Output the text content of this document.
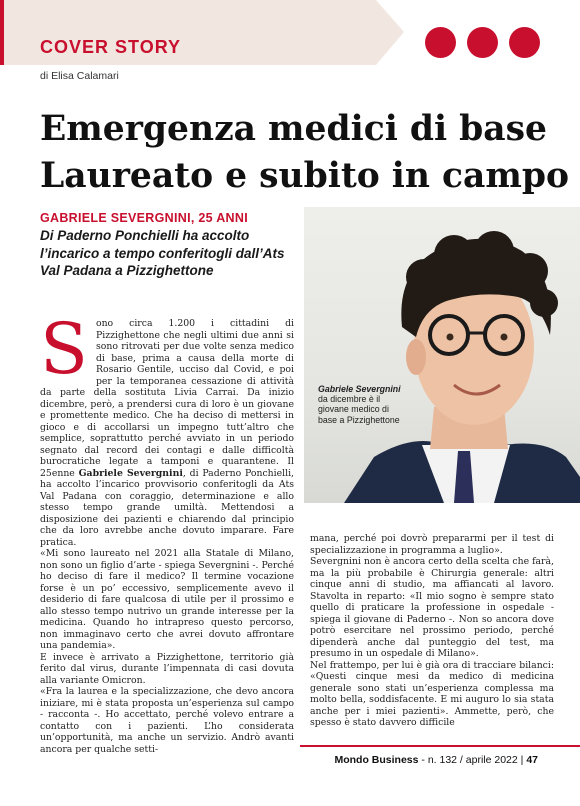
COVER STORY
di Elisa Calamari
Emergenza medici di base
Laureato e subito in campo
GABRIELE SEVERGNINI, 25 ANNI
Di Paderno Ponchielli ha accolto l’incarico a tempo conferitogli dall’Ats Val Padana a Pizzighettone
Gabriele Severgnini
da dicembre è il giovane medico di base a Pizzighettone

Sono circa 1.200 i cittadini di Pizzighettone che negli ultimi due anni si sono ritrovati per due volte senza medico di base, prima a causa della morte di Rosario Gentile, ucciso dal Covid, e poi per la temporanea cessazione di attività da parte della sostituta Livia Carrai. Da inizio dicembre, però, a prendersi cura di loro è un giovane e promettente medico. Che ha deciso di mettersi in gioco e di accollarsi un impegno tutt’altro che semplice, soprattutto perché avviato in un periodo segnato dal record dei contagi e dalle difficoltà burocratiche legate a tamponi e quarantene. Il 25enne Gabriele Severgnini, di Paderno Ponchielli, ha accolto l’incarico provvisorio conferitogli da Ats Val Padana con coraggio, determinazione e allo stesso tempo grande umiltà. Mettendosi a disposizione dei pazienti e chiarendo dal principio che da loro avrebbe anche dovuto imparare. Fare pratica.

«Mi sono laureato nel 2021 alla Statale di Milano, non sono un figlio d’arte - spiega Severgnini -. Perché ho deciso di fare il medico? Il termine vocazione forse è un po’ eccessivo, semplicemente avevo il desiderio di fare qualcosa di utile per il prossimo e allo stesso tempo nutrivo un grande interesse per la medicina. Quando ho intrapreso questo percorso, non immaginavo certo che avrei dovuto affrontare una pandemia».

E invece è arrivato a Pizzighettone, territorio già ferito dal virus, durante l’impennata di casi dovuta alla variante Omicron.

«Fra la laurea e la specializzazione, che devo ancora iniziare, mi è stata proposta un’esperienza sul campo - racconta -. Ho accettato, perché volevo entrare a contatto con i pazienti. L’ho considerata un’opportunità, ma anche un servizio. Andrò avanti ancora per qualche setti-

mana, perché poi dovrò prepararmi per il test di specializzazione in programma a luglio».

Severgnini non è ancora certo della scelta che farà, ma la più probabile è Chirurgia generale: altri cinque anni di studio, ma affiancati al lavoro. Stavolta in reparto: «Il mio sogno è sempre stato quello di praticare la professione in ospedale - spiega il giovane di Paderno -. Non so ancora dove potrò esercitare nel prossimo periodo, perché dipenderà anche dal punteggio del test, ma presumo in un ospedale di Milano».

Nel frattempo, per lui è già ora di tracciare bilanci: «Questi cinque mesi da medico di medicina generale sono stati un’esperienza complessa ma molto bella, soddisfacente. E mi auguro lo sia stata anche per i miei pazienti». Ammette, però, che spesso è stato davvero difficile

Mondo Business - n. 132 / aprile 2022 | 47
